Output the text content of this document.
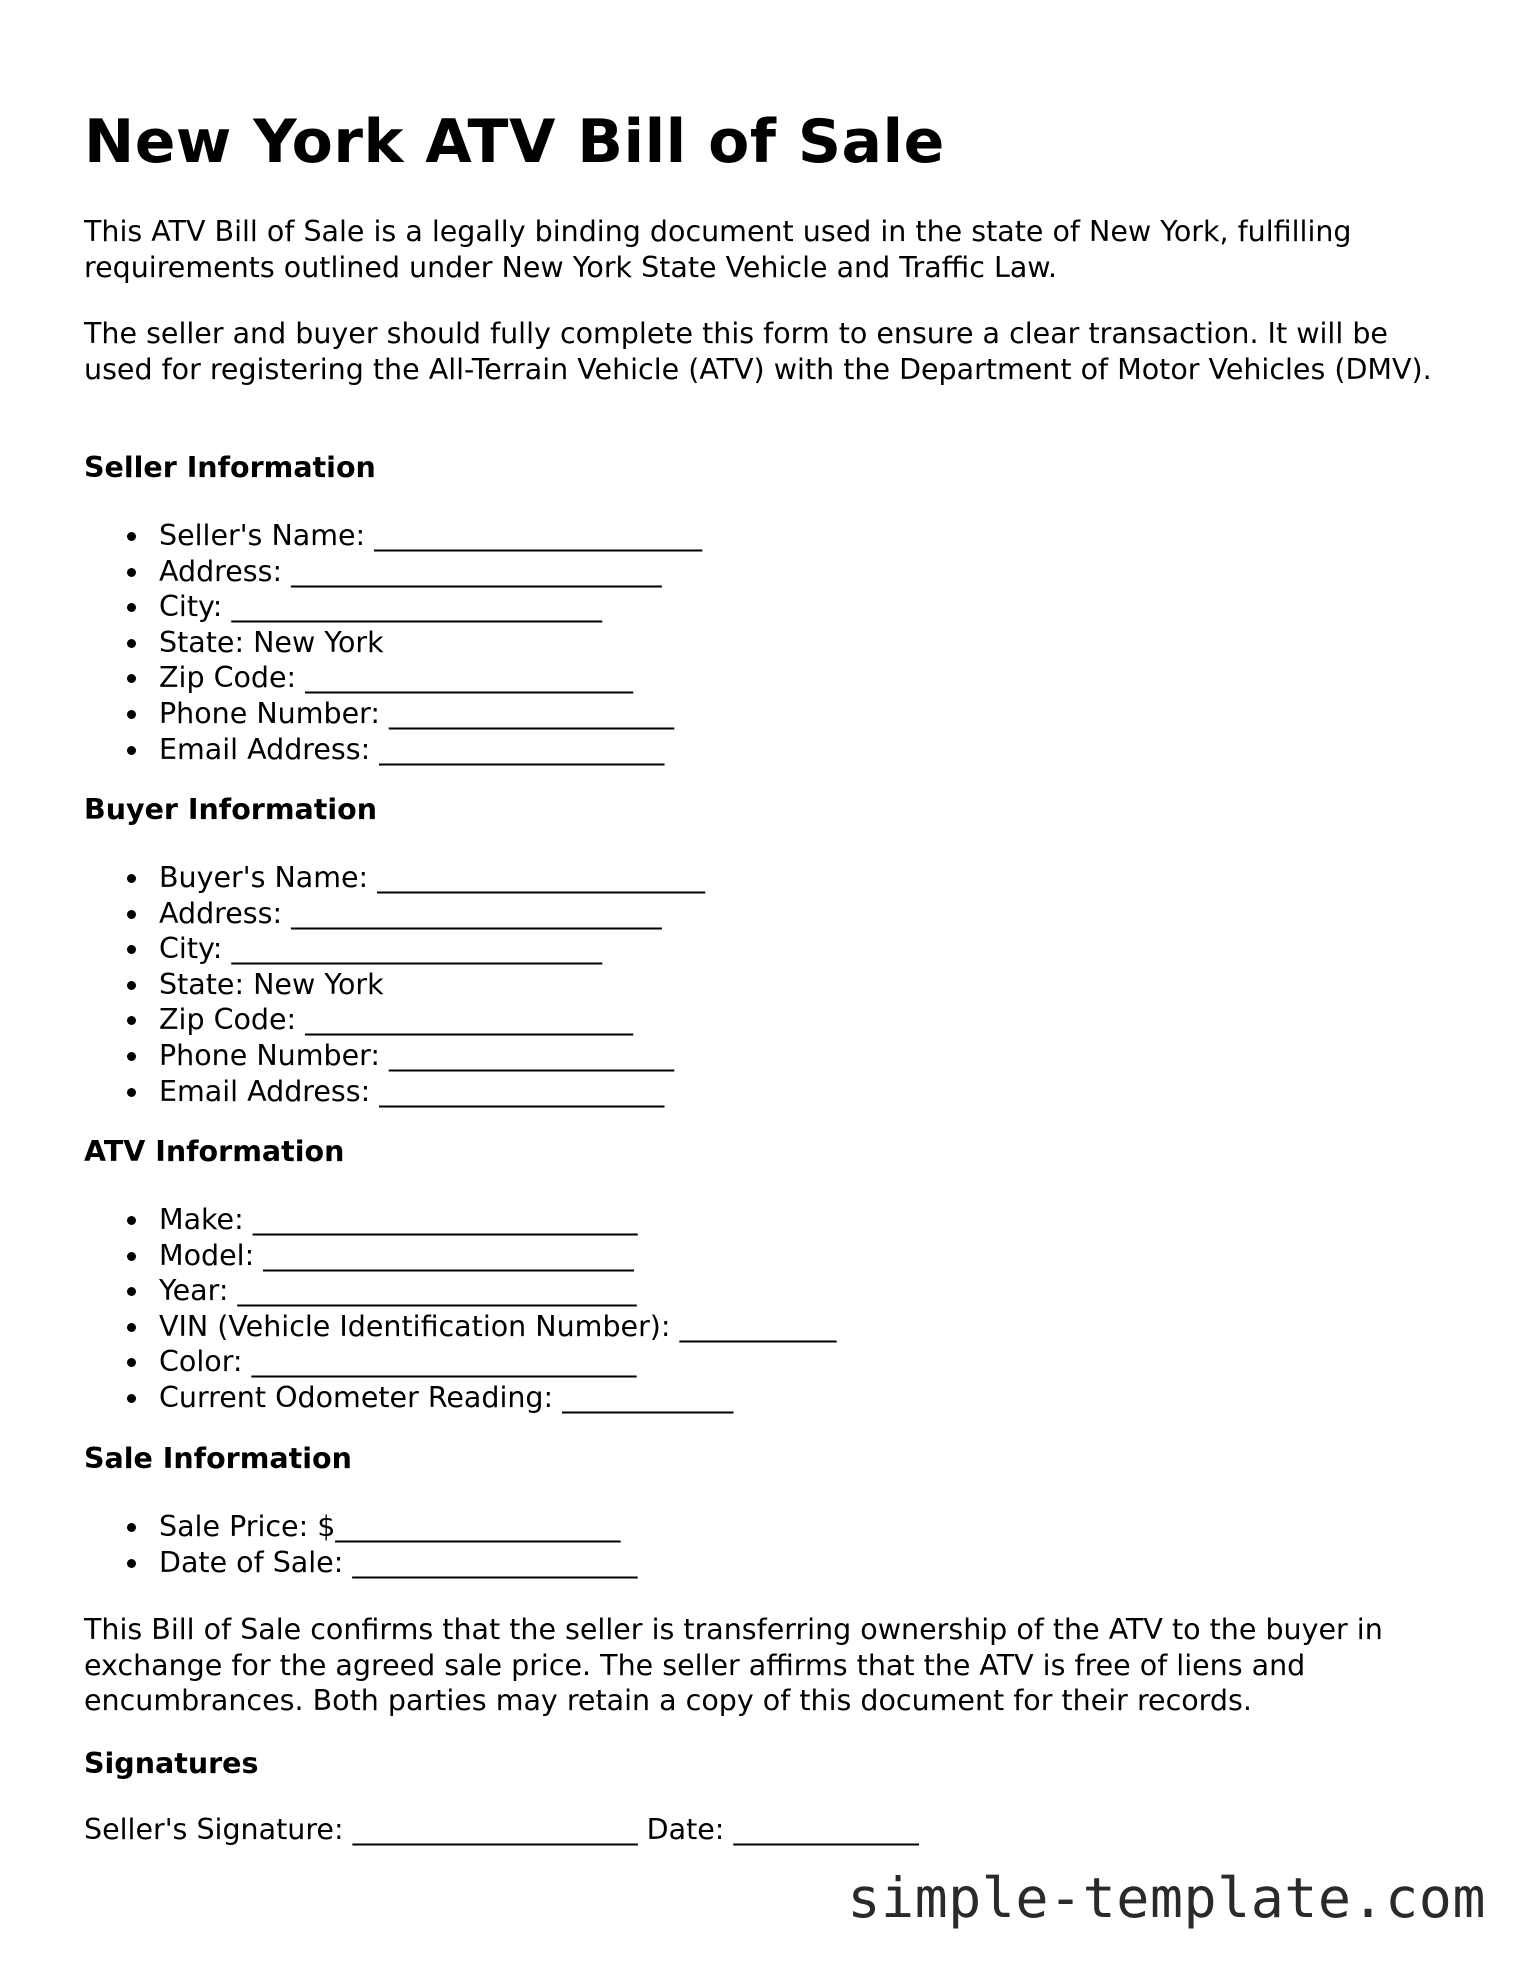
New York ATV Bill of Sale

This ATV Bill of Sale is a legally binding document used in the state of New York, fulfilling requirements outlined under New York State Vehicle and Traffic Law.

The seller and buyer should fully complete this form to ensure a clear transaction. It will be used for registering the All-Terrain Vehicle (ATV) with the Department of Motor Vehicles (DMV).

Seller Information
Seller's Name: _______________________
Address: __________________________
City: __________________________
State: New York
Zip Code: _______________________
Phone Number: ____________________
Email Address: ____________________
Buyer Information
Buyer's Name: _______________________
Address: __________________________
City: __________________________
State: New York
Zip Code: _______________________
Phone Number: ____________________
Email Address: ____________________
ATV Information
Make: ___________________________
Model: __________________________
Year: ____________________________
VIN (Vehicle Identification Number): ___________
Color: ___________________________
Current Odometer Reading: ____________
Sale Information
Sale Price: $____________________
Date of Sale: ____________________

This Bill of Sale confirms that the seller is transferring ownership of the ATV to the buyer in exchange for the agreed sale price. The seller affirms that the ATV is free of liens and encumbrances. Both parties may retain a copy of this document for their records.

Signatures
Seller's Signature: ____________________ Date: _____________
simple-template.com
